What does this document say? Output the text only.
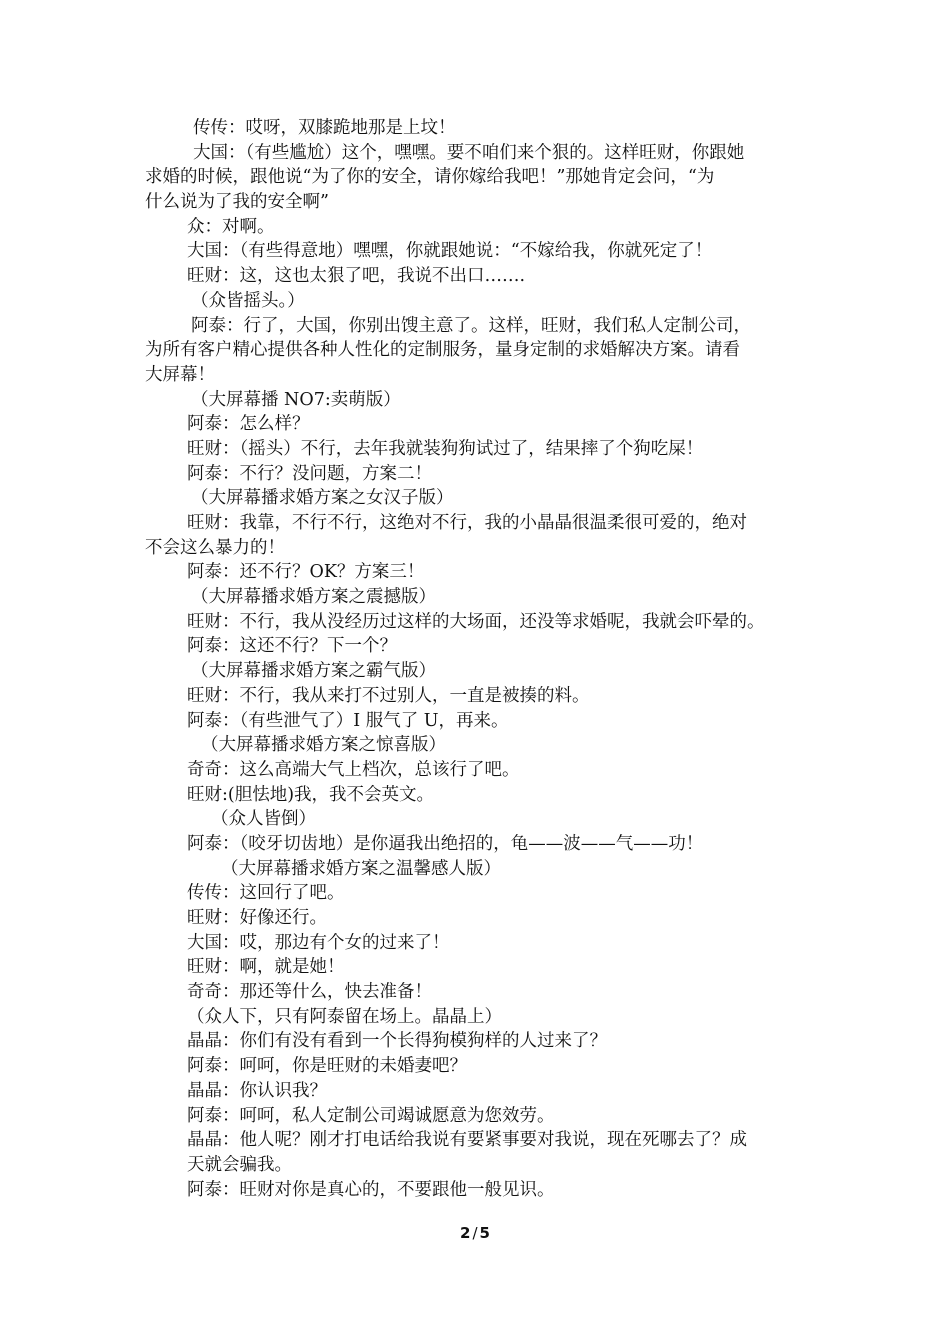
传传：哎呀，双膝跪地那是上坟！
大国：（有些尴尬）这个，嘿嘿。要不咱们来个狠的。这样旺财，你跟她
求婚的时候，跟他说“为了你的安全，请你嫁给我吧！”那她肯定会问，“为
什么说为了我的安全啊”
众：对啊。
大国：（有些得意地）嘿嘿，你就跟她说：“不嫁给我，你就死定了！
旺财：这，这也太狠了吧，我说不出口…….
（众皆摇头。）
阿泰：行了，大国，你别出馊主意了。这样，旺财，我们私人定制公司，
为所有客户精心提供各种人性化的定制服务，量身定制的求婚解决方案。请看
大屏幕！
（大屏幕播 NO7:卖萌版）
阿泰：怎么样？
旺财：（摇头）不行，去年我就装狗狗试过了，结果摔了个狗吃屎！
阿泰：不行？没问题，方案二！
（大屏幕播求婚方案之女汉子版）
旺财：我靠，不行不行，这绝对不行，我的小晶晶很温柔很可爱的，绝对
不会这么暴力的！
阿泰：还不行？OK？方案三！
（大屏幕播求婚方案之震撼版）
旺财：不行，我从没经历过这样的大场面，还没等求婚呢，我就会吓晕的。
阿泰：这还不行？下一个？
（大屏幕播求婚方案之霸气版）
旺财：不行，我从来打不过别人，一直是被揍的料。
阿泰：（有些泄气了）I 服气了 U，再来。
（大屏幕播求婚方案之惊喜版）
奇奇：这么高端大气上档次，总该行了吧。
旺财:(胆怯地)我，我不会英文。
（众人皆倒）
阿泰：（咬牙切齿地）是你逼我出绝招的，龟——波——气——功！
（大屏幕播求婚方案之温馨感人版）
传传：这回行了吧。
旺财：好像还行。
大国：哎，那边有个女的过来了！
旺财：啊，就是她！
奇奇：那还等什么，快去准备！
（众人下，只有阿泰留在场上。晶晶上）
晶晶：你们有没有看到一个长得狗模狗样的人过来了？
阿泰：呵呵，你是旺财的未婚妻吧？
晶晶：你认识我？
阿泰：呵呵，私人定制公司竭诚愿意为您效劳。
晶晶：他人呢？刚才打电话给我说有要紧事要对我说，现在死哪去了？成
天就会骗我。
阿泰：旺财对你是真心的，不要跟他一般见识。
2 / 5
